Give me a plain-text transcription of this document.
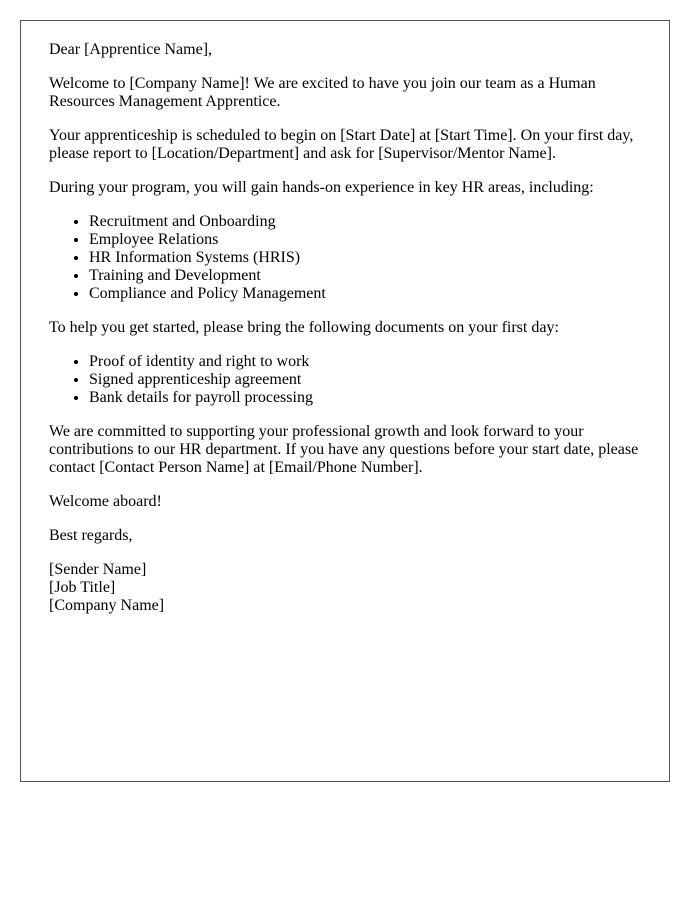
Dear [Apprentice Name],

Welcome to [Company Name]! We are excited to have you join our team as a Human Resources Management Apprentice.

Your apprenticeship is scheduled to begin on [Start Date] at [Start Time]. On your first day, please report to [Location/Department] and ask for [Supervisor/Mentor Name].

During your program, you will gain hands-on experience in key HR areas, including:

• Recruitment and Onboarding
• Employee Relations
• HR Information Systems (HRIS)
• Training and Development
• Compliance and Policy Management

To help you get started, please bring the following documents on your first day:

• Proof of identity and right to work
• Signed apprenticeship agreement
• Bank details for payroll processing

We are committed to supporting your professional growth and look forward to your contributions to our HR department. If you have any questions before your start date, please contact [Contact Person Name] at [Email/Phone Number].

Welcome aboard!

Best regards,

[Sender Name]

[Job Title]

[Company Name]
